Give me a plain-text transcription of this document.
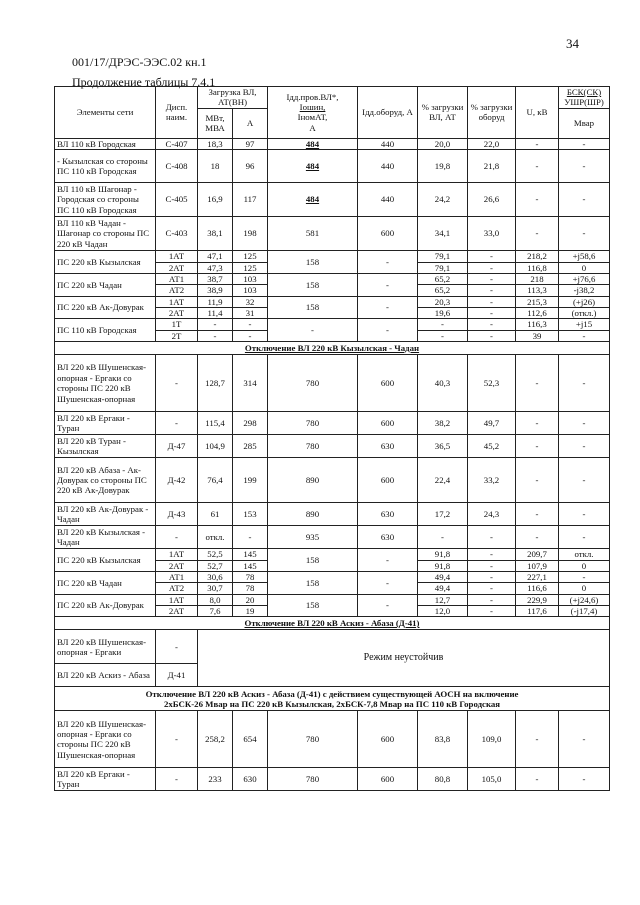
34
001/17/ДРЭС-ЭЭС.02 кн.1
Продолжение таблицы 7.4.1
Элементы сети	Дисп. наим.	Загрузка ВЛ, АТ(ВН)		Iдд.пров.ВЛ*,
Iошин,
IномАТ,
А	Iдд.оборуд, А	% загрузки ВЛ, АТ	% загрузки оборуд	U, кВ	БСК(СК)
УШР(ШР)
		МВт, МВА	А						Мвар
ВЛ 110 кВ Городская	С-407	18,3	97	484	440	20,0	22,0	-	-
- Кызылская со стороны ПС 110 кВ Городская	С-408	18	96	484	440	19,8	21,8	-	-
ВЛ 110 кВ Шагонар - Городская со стороны ПС 110 кВ Городская	С-405	16,9	117	484	440	24,2	26,6	-	-
ВЛ 110 кВ Чадан - Шагонар со стороны ПС 220 кВ Чадан	С-403	38,1	198	581	600	34,1	33,0	-	-
ПС 220 кВ Кызылская	1АТ	47,1	125	158	-	79,1	-	218,2	+j58,6
	2АТ	47,3	125			79,1	-	116,8	0
ПС 220 кВ Чадан	АТ1	38,7	103	158	-	65,2	-	218	+j76,6
	АТ2	38,9	103			65,2	-	113,3	-j38,2
ПС 220 кВ Ак-Довурак	1АТ	11,9	32	158	-	20,3	-	215,3	(+j26)
	2АТ	11,4	31			19,6	-	112,6	(откл.)
ПС 110 кВ Городская	1Т	-	-	-	-	-	-	116,3	+j15
	2Т	-	-			-	-	39	-
Отключение ВЛ 220 кВ Кызылская - Чадан									
ВЛ 220 кВ Шушенская-опорная - Ергаки со стороны ПС 220 кВ Шушенская-опорная	-	128,7	314	780	600	40,3	52,3	-	-
ВЛ 220 кВ Ергаки - Туран	-	115,4	298	780	600	38,2	49,7	-	-
ВЛ 220 кВ Туран - Кызылская	Д-47	104,9	285	780	630	36,5	45,2	-	-
ВЛ 220 кВ Абаза - Ак-Довурак со стороны ПС 220 кВ Ак-Довурак	Д-42	76,4	199	890	600	22,4	33,2	-	-
ВЛ 220 кВ Ак-Довурак - Чадан	Д-43	61	153	890	630	17,2	24,3	-	-
ВЛ 220 кВ Кызылская - Чадан	-	откл.	-	935	630	-	-	-	-
ПС 220 кВ Кызылская	1АТ	52,5	145	158	-	91,8	-	209,7	откл.
	2АТ	52,7	145			91,8	-	107,9	0
ПС 220 кВ Чадан	АТ1	30,6	78	158	-	49,4	-	227,1	-
	АТ2	30,7	78			49,4	-	116,6	0
ПС 220 кВ Ак-Довурак	1АТ	8,0	20	158	-	12,7	-	229,9	(+j24,6)
	2АТ	7,6	19			12,0	-	117,6	(-j17,4)
Отключение ВЛ 220 кВ Аскиз - Абаза (Д-41)									
ВЛ 220 кВ Шушенская-опорная - Ергаки	-	Режим неустойчив							
ВЛ 220 кВ Аскиз - Абаза	Д-41								
Отключение ВЛ 220 кВ Аскиз - Абаза (Д-41) с действием существующей АОСН на включение
2хБСК-26 Мвар на ПС 220 кВ Кызылская, 2хБСК-7,8 Мвар на ПС 110 кВ Городская									
ВЛ 220 кВ Шушенская-опорная - Ергаки со стороны ПС 220 кВ Шушенская-опорная	-	258,2	654	780	600	83,8	109,0	-	-
ВЛ 220 кВ Ергаки - Туран	-	233	630	780	600	80,8	105,0	-	-
